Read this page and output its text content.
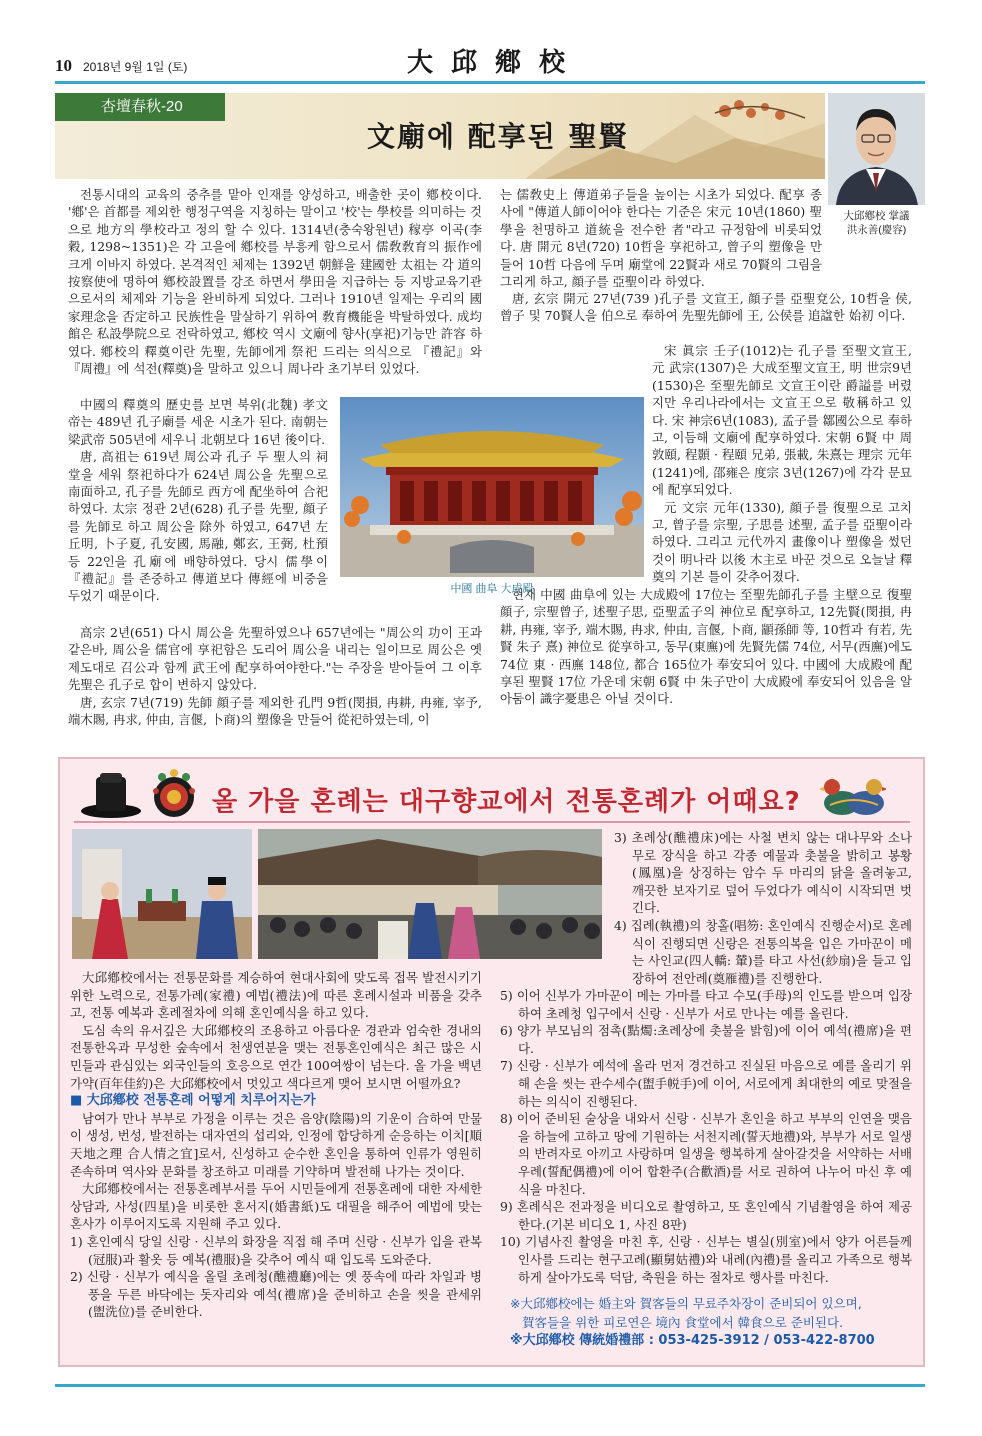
10 2018년 9월 1일 (토)	大邱鄕校
杏壇春秋-20
文廟에 配享된 聖賢
大邱鄕校 掌議
洪永善(慶容)

전통시대의 교육의 중추를 맡아 인재를 양성하고, 배출한 곳이 鄕校이다. '鄕'은 首都를 제외한 행정구역을 지칭하는 말이고 '校'는 學校를 의미하는 것으로 地方의 學校라고 정의 할 수 있다. 1314년(충숙왕원년) 稼亭 이곡(李穀, 1298~1351)은 각 고을에 鄕校를 부흥케 함으로서 儒敎敎育의 振作에 크게 이바지 하였다. 본격적인 체제는 1392년 朝鮮을 建國한 太祖는 각 道의 按察使에 명하여 鄕校設置를 강조 하면서 學田을 지급하는 등 지방교육기관으로서의 체제와 기능을 완비하게 되었다. 그러나 1910년 일제는 우리의 國家理念을 否定하고 民族性을 말살하기 위하여 敎育機能을 박탈하였다. 成均館은 私設學院으로 전락하였고, 鄕校 역시 文廟에 향사(享祀)기능만 許容 하였다. 鄕校의 釋奠이란 先聖, 先師에게 祭祀 드리는 의식으로 『禮記』와 『周禮』에 석전(釋奠)을 말하고 있으니 周나라 초기부터 있었다.

中國의 釋奠의 歷史를 보면 북위(北魏) 孝文帝는 489년 孔子廟를 세운 시초가 된다. 南朝는 梁武帝 505년에 세우니 北朝보다 16년 後이다.

唐, 高祖는 619년 周公과 孔子 두 聖人의 祠堂을 세워 祭祀하다가 624년 周公을 先聖으로 南面하고, 孔子를 先師로 西方에 配坐하여 合祀하였다. 太宗 정관 2년(628) 孔子를 先聖, 顔子를 先師로 하고 周公을 除外 하였고, 647년 左丘明, 卜子夏, 孔安國, 馬融, 鄭玄, 王弼, 杜預 등 22인을 孔廟에 배향하였다. 당시 儒學이 『禮記』를 존중하고 傳道보다 傳經에 비중을 두었기 때문이다.

高宗 2년(651) 다시 周公을 先聖하였으나 657년에는 "周公의 功이 王과 같은바, 周公을 儒官에 享祀함은 도리어 周公을 내리는 일이므로 周公은 옛 제도대로 召公과 함께 武王에 配享하여야한다."는 주장을 받아들여 그 이후 先聖은 孔子로 합이 변하지 않았다.

唐, 玄宗 7년(719) 先師 顔子를 제외한 孔門 9哲(閔損, 冉耕, 冉雍, 宰予, 端木賜, 冉求, 仲由, 言偃, 卜商)의 塑像을 만들어 從祀하였는데, 이

는 儒敎史上 傳道弟子들을 높이는 시초가 되었다. 配享 종사에 "傳道人師이어야 한다는 기준은 宋元 10년(1860) 聖學을 천명하고 道統을 전수한 者"라고 규정함에 비롯되었다. 唐 開元 8년(720) 10哲을 享祀하고, 曾子의 塑像을 만들어 10哲 다음에 두며 廟堂에 22賢과 새로 70賢의 그림을 그리게 하고, 顔子를 亞聖이라 하였다.

唐, 玄宗 開元 27년(739 )孔子를 文宣王, 顔子를 亞聖兗公, 10哲을 侯, 曾子 및 70賢人을 伯으로 奉하여 先聖先師에 王, 公侯를 追諡한 始初 이다.

宋 眞宗 壬子(1012)는 孔子를 至聖文宣王, 元 武宗(1307)은 大成至聖文宣王, 明 世宗9년(1530)은 至聖先師로 文宣王이란 爵謚를 버렸지만 우리나라에서는 文宣王으로 敬稱하고 있다. 宋 神宗6년(1083), 孟子를 鄒國公으로 奉하고, 이듬해 文廟에 配享하였다. 宋朝 6賢 中 周敦頤, 程顥 · 程頤 兄弟, 張載, 朱熹는 理宗 元年(1241)에, 邵雍은 度宗 3년(1267)에 각각 문묘에 配享되었다.

元 文宗 元年(1330), 顔子를 復聖으로 고치고, 曾子를 宗聖, 子思를 述聖, 孟子를 亞聖이라 하였다. 그리고 元代까지 畫像이나 塑像을 썼던 것이 明나라 以後 木主로 바꾼 것으로 오늘날 釋奠의 기본 틀이 갖추어졌다.

현재 中國 曲阜에 있는 大成殿에 17位는 至聖先師孔子를 主壁으로 復聖顔子, 宗聖曾子, 述聖子思, 亞聖孟子의 神位로 配享하고, 12先賢(閔損, 冉耕, 冉雍, 宰予, 端木賜, 冉求, 仲由, 言偃, 卜商, 顓孫師 等, 10哲과 有若, 先賢 朱子 熹) 神位로 從享하고, 동무(東廡)에 先賢先儒 74位, 서무(西廡)에도 74位 東 · 西廡 148位, 都合 165位가 奉安되어 있다. 中國에 大成殿에 配享된 聖賢 17位 가운데 宋朝 6賢 中 朱子만이 大成殿에 奉安되어 있음을 알아둠이 識字憂患은 아닐 것이다.

中國 曲阜 大成殿
올 가을 혼례는 대구향교에서 전통혼례가 어때요?

大邱鄕校에서는 전통문화를 계승하여 현대사회에 맞도록 접목 발전시키기 위한 노력으로, 전통가례(家禮) 예법(禮法)에 따른 혼례시설과 비품을 갖추고, 전통 예복과 혼례절차에 의해 혼인예식을 하고 있다.

도심 속의 유서깊은 大邱鄕校의 조용하고 아름다운 경관과 엄숙한 경내의 전통한옥과 무성한 숲속에서 천생연분을 맺는 전통혼인예식은 최근 많은 시민들과 관심있는 외국인들의 호응으로 연간 100여쌍이 넘는다. 올 가을 백년가약(百年佳約)은 大邱鄕校에서 멋있고 색다르게 맺어 보시면 어떨까요?

■ 大邱鄕校 전통혼례 어떻게 치루어지는가

남여가 만나 부부로 가정을 이루는 것은 음양(陰陽)의 기운이 合하여 만물이 생성, 번성, 발전하는 대자연의 섭리와, 인정에 합당하게 순응하는 이치[順天地之理 合人情之宜]로서, 신성하고 순수한 혼인을 통하여 인류가 영원히 존속하며 역사와 문화를 창조하고 미래를 기약하며 발전해 나가는 것이다.

大邱鄕校에서는 전통혼례부서를 두어 시민들에게 전통혼례에 대한 자세한 상담과, 사성(四星)을 비롯한 혼서지(婚書紙)도 대필을 해주어 예법에 맞는 혼사가 이루어지도록 지원해 주고 있다.

1) 혼인예식 당일 신랑 · 신부의 화장을 직접 해 주며 신랑 · 신부가 입을 관복(冠服)과 활옷 등 예복(禮服)을 갖추어 예식 때 입도록 도와준다.
2) 신랑 · 신부가 예식을 올릴 초례청(醮禮廳)에는 옛 풍속에 따라 차일과 병풍을 두른 바닥에는 돗자리와 예석(禮席)을 준비하고 손을 씻을 관세위(盥洗位)를 준비한다.
3) 초례상(醮禮床)에는 사철 변치 않는 대나무와 소나무로 장식을 하고 각종 예물과 촛불을 밝히고 봉황(鳳凰)을 상징하는 암수 두 마리의 닭을 올려놓고, 깨끗한 보자기로 덮어 두었다가 예식이 시작되면 벗긴다.
4) 집례(執禮)의 창홀(唱笏: 혼인예식 진행순서)로 혼례식이 진행되면 신랑은 전통의복을 입은 가마꾼이 메는 사인교(四人轎: 輦)를 타고 사선(紗扇)을 들고 입장하여 전안례(奠雁禮)를 진행한다.
5) 이어 신부가 가마꾼이 메는 가마를 타고 수모(手母)의 인도를 받으며 입장하여 초례청 입구에서 신랑 · 신부가 서로 만나는 예를 올린다.
6) 양가 부모님의 점촉(點燭:초례상에 촛불을 밝힘)에 이어 예석(禮席)을 편다.
7) 신랑 · 신부가 예석에 올라 먼저 경건하고 진실된 마음으로 예를 올리기 위해 손을 씻는 관수세수(盥手帨手)에 이어, 서로에게 최대한의 예로 맞절을 하는 의식이 진행된다.
8) 이어 준비된 술상을 내와서 신랑 · 신부가 혼인을 하고 부부의 인연을 맺음을 하늘에 고하고 땅에 기원하는 서천지례(誓天地禮)와, 부부가 서로 일생의 반려자로 아끼고 사랑하며 일생을 행복하게 살아갈것을 서약하는 서배우례(誓配偶禮)에 이어 합환주(合歡酒)를 서로 권하여 나누어 마신 후 예식을 마친다.
9) 혼례식은 전과정을 비디오로 촬영하고, 또 혼인예식 기념촬영을 하여 제공한다.(기본 비디오 1, 사진 8판)
10) 기념사진 촬영을 마친 후, 신랑 · 신부는 별실(別室)에서 양가 어른들께 인사를 드리는 현구고례(顯舅姑禮)와 내례(內禮)를 올리고 가족으로 행복하게 살아가도록 덕담, 축원을 하는 절차로 행사를 마친다.
※大邱鄕校에는 婚主와 賀客들의 무료주차장이 준비되어 있으며,
賀客들을 위한 피로연은 境內 食堂에서 韓食으로 준비된다.
※大邱鄕校 傳統婚禮部 : 053-425-3912 / 053-422-8700
